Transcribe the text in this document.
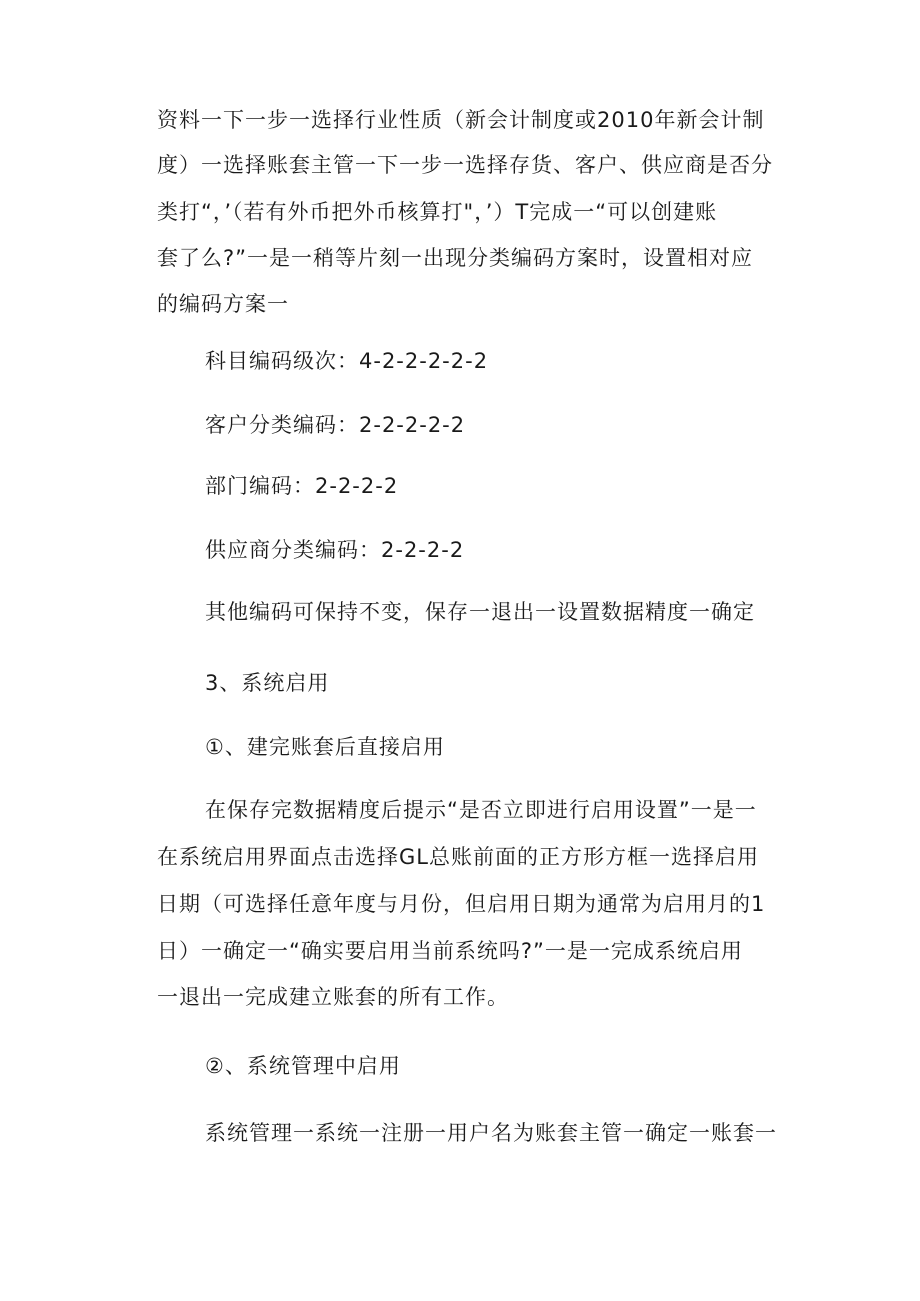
资料一下一步一选择行业性质（新会计制度或2010年新会计制
度）一选择账套主管一下一步一选择存货、客户、供应商是否分
类打“，’（若有外币把外币核算打"，’）T完成一“可以创建账
套了么?”一是一稍等片刻一出现分类编码方案时，设置相对应
的编码方案一
科目编码级次：4-2-2-2-2-2
客户分类编码：2-2-2-2-2
部门编码：2-2-2-2
供应商分类编码：2-2-2-2
其他编码可保持不变，保存一退出一设置数据精度一确定
3、系统启用
①、建完账套后直接启用
在保存完数据精度后提示“是否立即进行启用设置”一是一
在系统启用界面点击选择GL总账前面的正方形方框一选择启用
日期（可选择任意年度与月份，但启用日期为通常为启用月的1
日）一确定一“确实要启用当前系统吗?”一是一完成系统启用
一退出一完成建立账套的所有工作。
②、系统管理中启用
系统管理一系统一注册一用户名为账套主管一确定一账套一
